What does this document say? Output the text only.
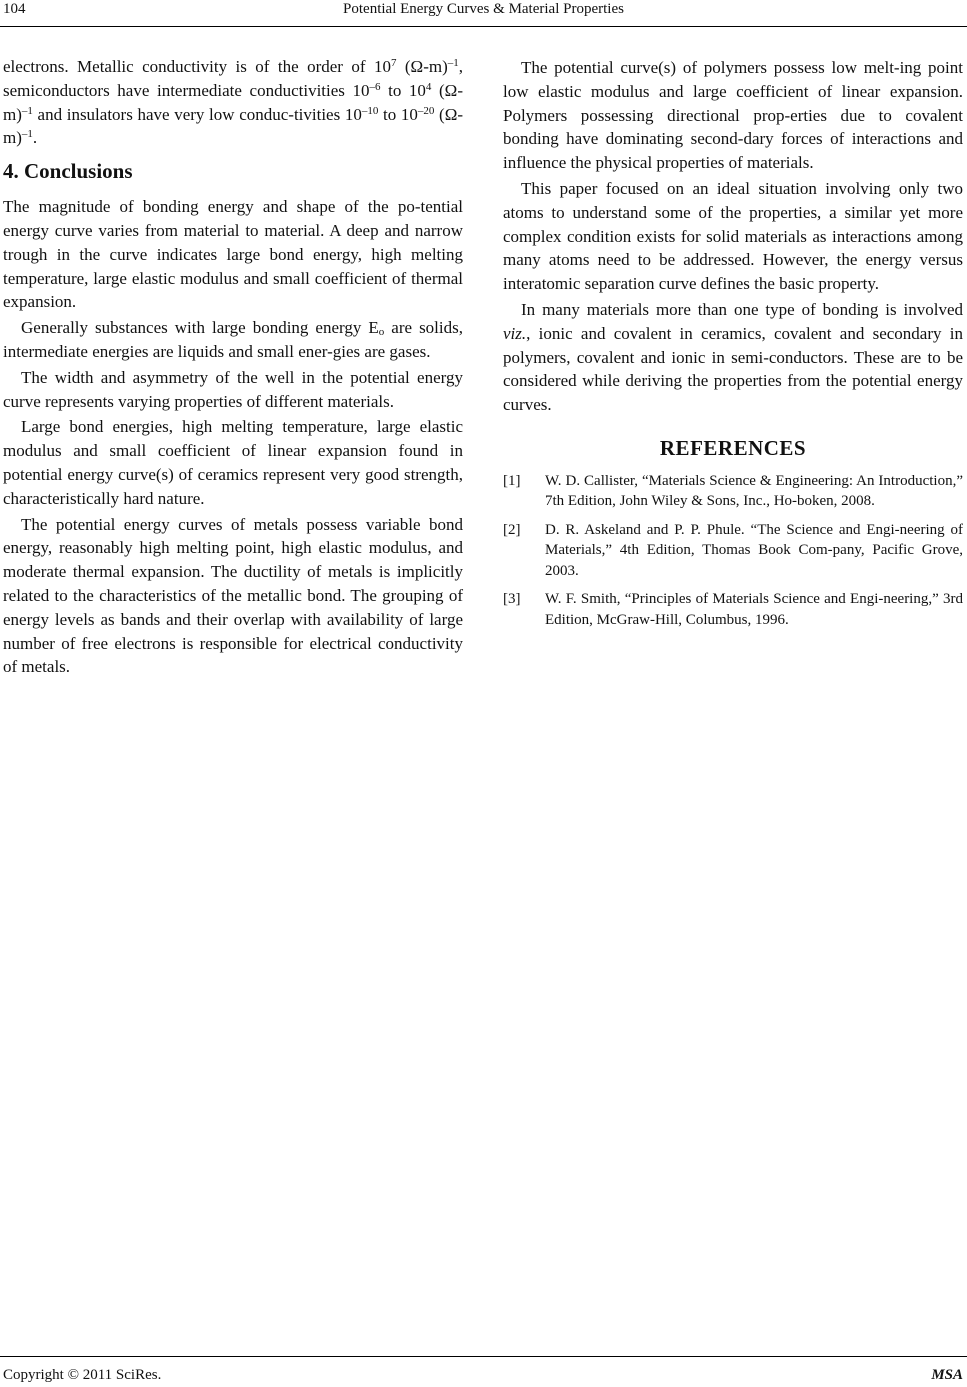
104	Potential Energy Curves & Material Properties

electrons. Metallic conductivity is of the order of $10^7$ $(\Omega-m)^{-1}$, semiconductors have intermediate conductivities $10^{-6}$ to $10^4$ $(\Omega-m)^{-1}$ and insulators have very low conduc-tivities $10^{-10}$ to $10^{-20}$ $(\Omega-m)^{-1}$.

4. Conclusions

The magnitude of bonding energy and shape of the po-tential energy curve varies from material to material. A deep and narrow trough in the curve indicates large bond energy, high melting temperature, large elastic modulus and small coefficient of thermal expansion.

Generally substances with large bonding energy $E_o$ are solids, intermediate energies are liquids and small ener-gies are gases.

The width and asymmetry of the well in the potential energy curve represents varying properties of different materials.

Large bond energies, high melting temperature, large elastic modulus and small coefficient of linear expansion found in potential energy curve(s) of ceramics represent very good strength, characteristically hard nature.

The potential energy curves of metals possess variable bond energy, reasonably high melting point, high elastic modulus, and moderate thermal expansion. The ductility of metals is implicitly related to the characteristics of the metallic bond. The grouping of energy levels as bands and their overlap with availability of large number of free electrons is responsible for electrical conductivity of metals.

The potential curve(s) of polymers possess low melt-ing point low elastic modulus and large coefficient of linear expansion. Polymers possessing directional prop-erties due to covalent bonding have dominating second-dary forces of interactions and influence the physical properties of materials.

This paper focused on an ideal situation involving only two atoms to understand some of the properties, a similar yet more complex condition exists for solid materials as interactions among many atoms need to be addressed. However, the energy versus interatomic separation curve defines the basic property.

In many materials more than one type of bonding is involved viz., ionic and covalent in ceramics, covalent and secondary in polymers, covalent and ionic in semi-conductors. These are to be considered while deriving the properties from the potential energy curves.

REFERENCES
[1]	W. D. Callister, “Materials Science & Engineering: An Introduction,” 7th Edition, John Wiley & Sons, Inc., Ho-boken, 2008.
[2]	D. R. Askeland and P. P. Phule. “The Science and Engi-neering of Materials,” 4th Edition, Thomas Book Com-pany, Pacific Grove, 2003.
[3]	W. F. Smith, “Principles of Materials Science and Engi-neering,” 3rd Edition, McGraw-Hill, Columbus, 1996.
Copyright © 2011 SciRes.	MSA
